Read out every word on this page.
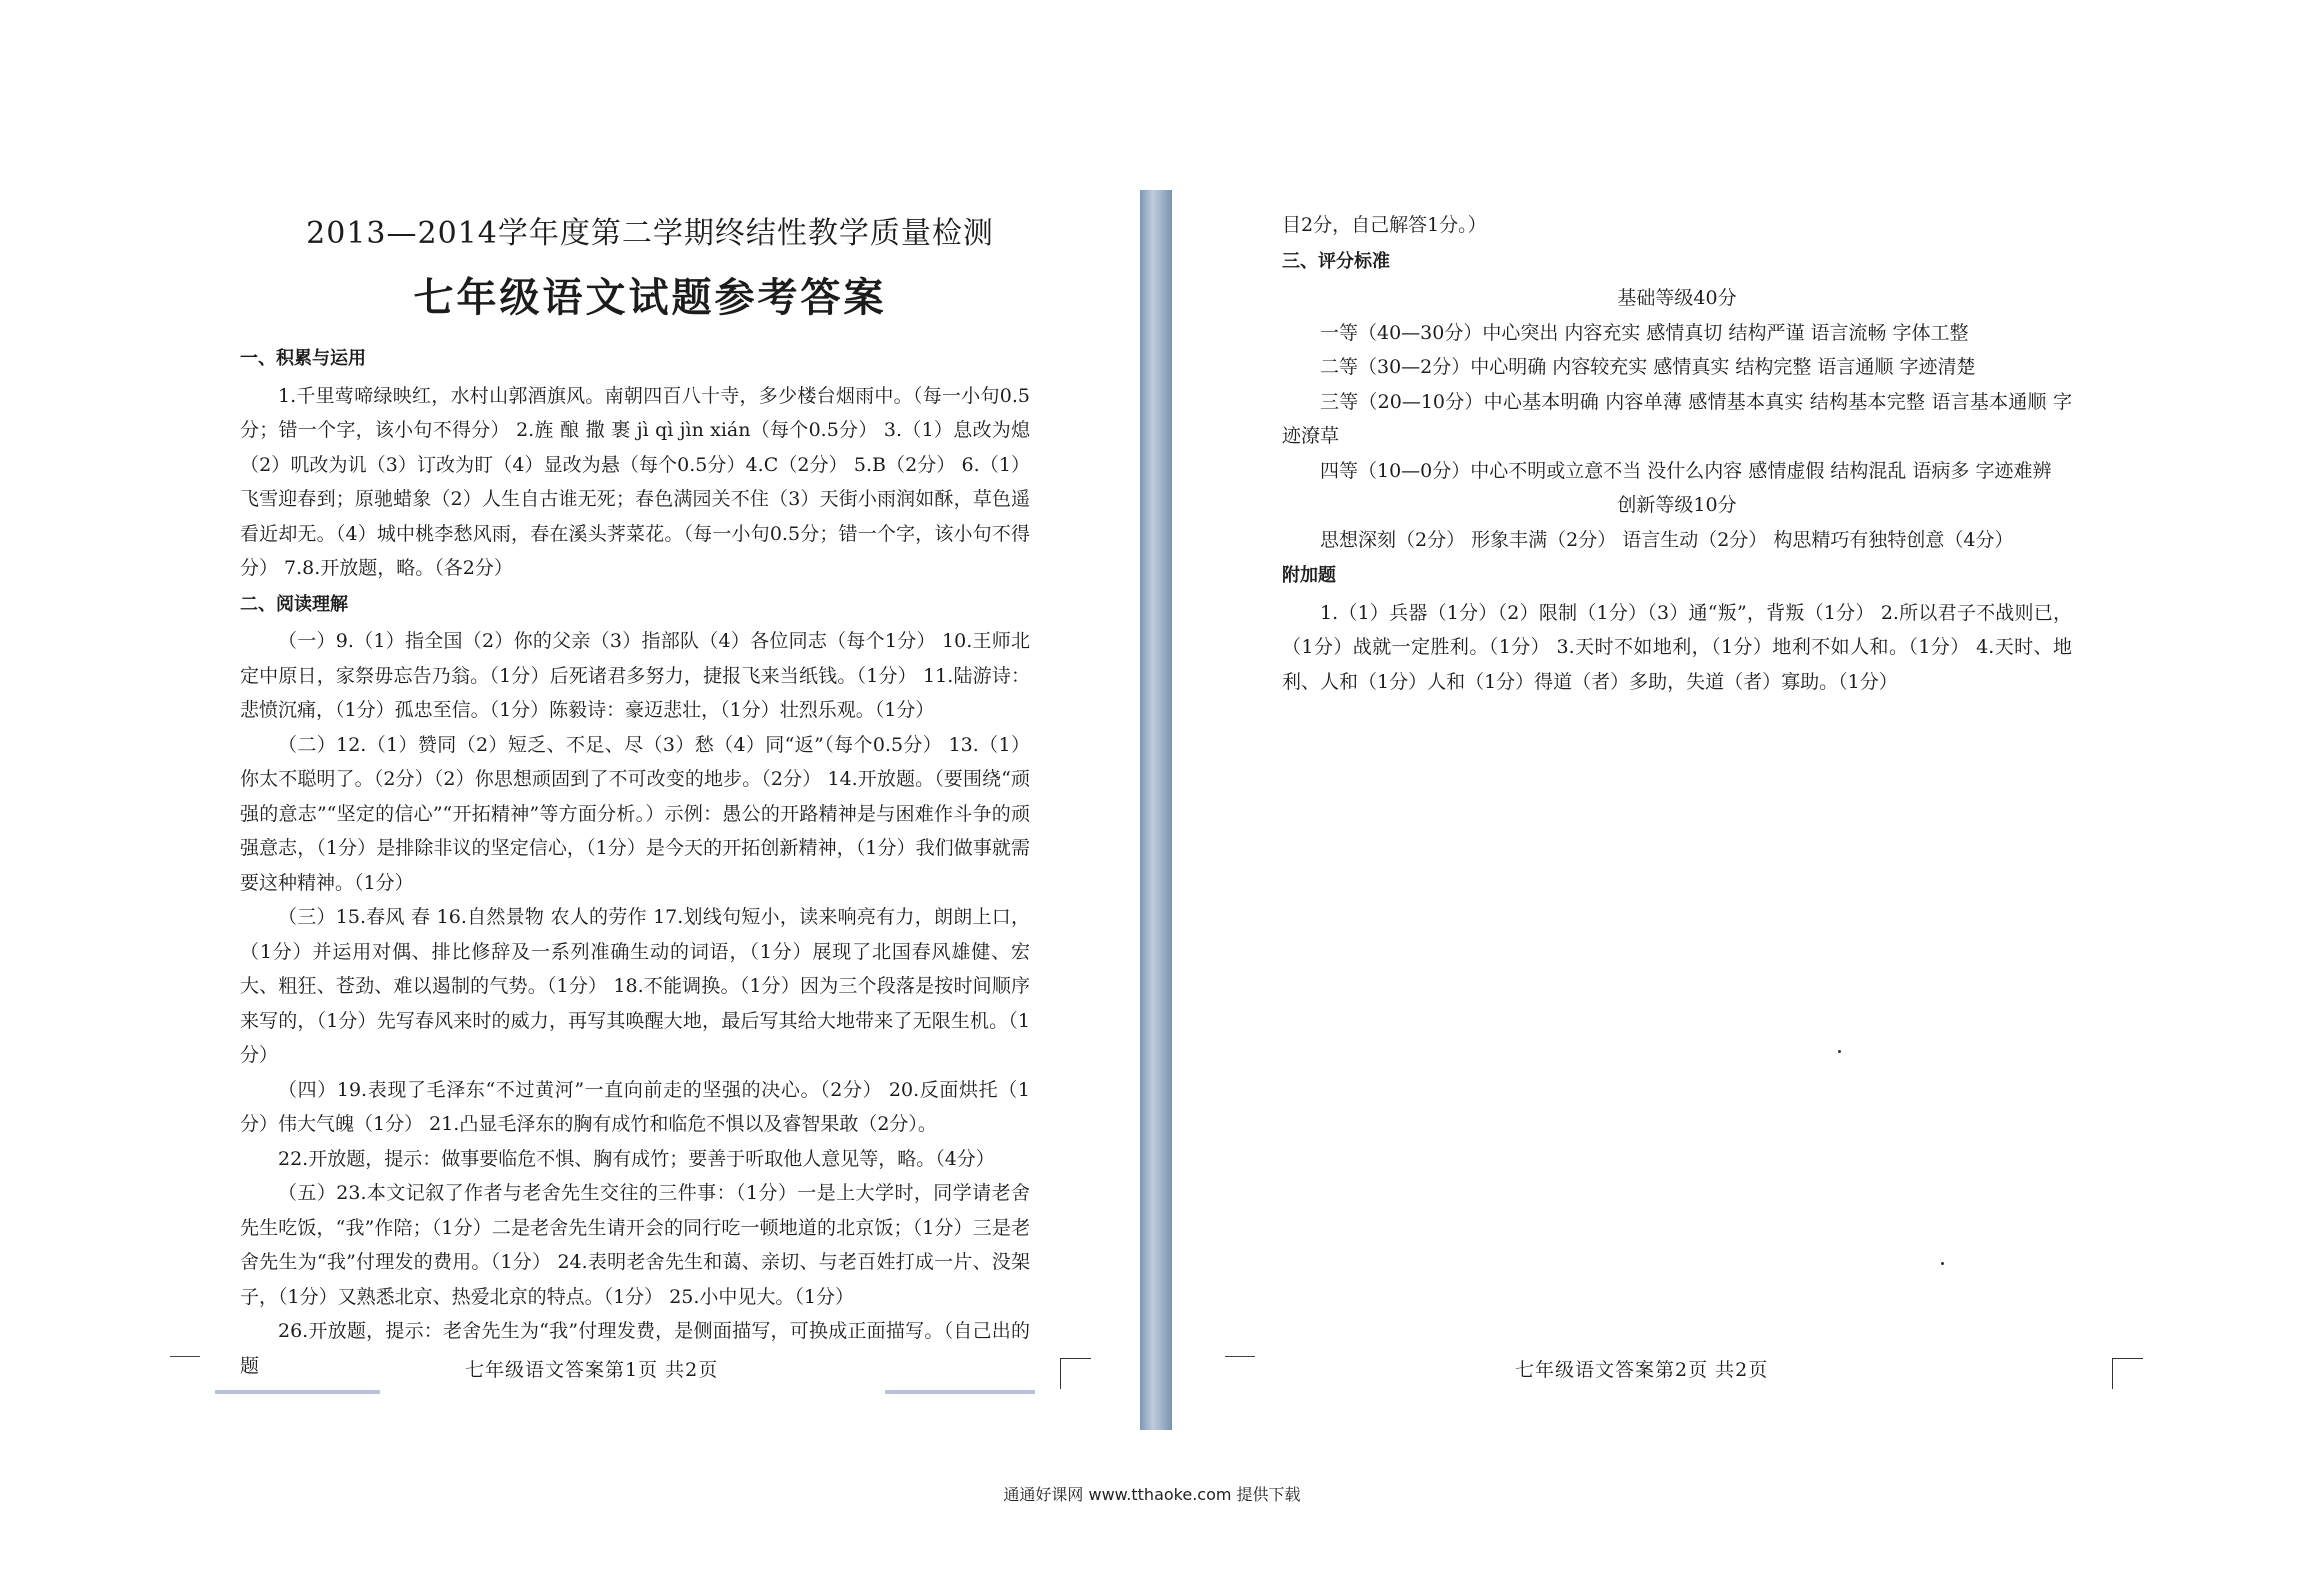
2013—2014学年度第二学期终结性教学质量检测
七年级语文试题参考答案

一、积累与运用

1.千里莺啼绿映红，水村山郭酒旗风。南朝四百八十寺，多少楼台烟雨中。（每一小句0.5分；错一个字，该小句不得分） 2.旌 酿 撒 裹 jì qì jìn xián（每个0.5分） 3.（1）息改为熄（2）叽改为讥（3）订改为盯（4）显改为悬（每个0.5分）4.C（2分） 5.B（2分） 6.（1）飞雪迎春到；原驰蜡象（2）人生自古谁无死；春色满园关不住（3）天街小雨润如酥，草色遥看近却无。（4）城中桃李愁风雨，春在溪头荠菜花。（每一小句0.5分；错一个字，该小句不得分） 7.8.开放题，略。（各2分）

二、阅读理解

（一）9.（1）指全国（2）你的父亲（3）指部队（4）各位同志（每个1分） 10.王师北定中原日，家祭毋忘告乃翁。（1分）后死诸君多努力，捷报飞来当纸钱。（1分） 11.陆游诗：悲愤沉痛，（1分）孤忠至信。（1分）陈毅诗：豪迈悲壮，（1分）壮烈乐观。（1分）

（二）12.（1）赞同（2）短乏、不足、尽（3）愁（4）同“返”（每个0.5分） 13.（1）你太不聪明了。（2分）（2）你思想顽固到了不可改变的地步。（2分） 14.开放题。（要围绕“顽强的意志”“坚定的信心”“开拓精神”等方面分析。）示例：愚公的开路精神是与困难作斗争的顽强意志，（1分）是排除非议的坚定信心，（1分）是今天的开拓创新精神，（1分）我们做事就需要这种精神。（1分）

（三）15.春风 春 16.自然景物 农人的劳作 17.划线句短小，读来响亮有力，朗朗上口，（1分）并运用对偶、排比修辞及一系列准确生动的词语，（1分）展现了北国春风雄健、宏大、粗狂、苍劲、难以遏制的气势。（1分） 18.不能调换。（1分）因为三个段落是按时间顺序来写的，（1分）先写春风来时的威力，再写其唤醒大地，最后写其给大地带来了无限生机。（1分）

（四）19.表现了毛泽东“不过黄河”一直向前走的坚强的决心。（2分） 20.反面烘托（1分）伟大气魄（1分） 21.凸显毛泽东的胸有成竹和临危不惧以及睿智果敢（2分）。

22.开放题，提示：做事要临危不惧、胸有成竹；要善于听取他人意见等，略。（4分）

（五）23.本文记叙了作者与老舍先生交往的三件事：（1分）一是上大学时，同学请老舍先生吃饭，“我”作陪；（1分）二是老舍先生请开会的同行吃一顿地道的北京饭；（1分）三是老舍先生为“我”付理发的费用。（1分） 24.表明老舍先生和蔼、亲切、与老百姓打成一片、没架子，（1分）又熟悉北京、热爱北京的特点。（1分） 25.小中见大。（1分）

26.开放题，提示：老舍先生为“我”付理发费，是侧面描写，可换成正面描写。（自己出的题

目2分，自己解答1分。）

三、评分标准

基础等级40分

一等（40—30分）中心突出 内容充实 感情真切 结构严谨 语言流畅 字体工整

二等（30—2分）中心明确 内容较充实 感情真实 结构完整 语言通顺 字迹清楚

三等（20—10分）中心基本明确 内容单薄 感情基本真实 结构基本完整 语言基本通顺 字迹潦草

四等（10—0分）中心不明或立意不当 没什么内容 感情虚假 结构混乱 语病多 字迹难辨

创新等级10分

思想深刻（2分） 形象丰满（2分） 语言生动（2分） 构思精巧有独特创意（4分）

附加题

1.（1）兵器（1分）（2）限制（1分）（3）通“叛”，背叛（1分） 2.所以君子不战则已，（1分）战就一定胜利。（1分） 3.天时不如地利，（1分）地利不如人和。（1分） 4.天时、地利、人和（1分）人和（1分）得道（者）多助，失道（者）寡助。（1分）

七年级语文答案第1页 共2页	七年级语文答案第2页 共2页
通通好课网 www.tthaoke.com 提供下载
